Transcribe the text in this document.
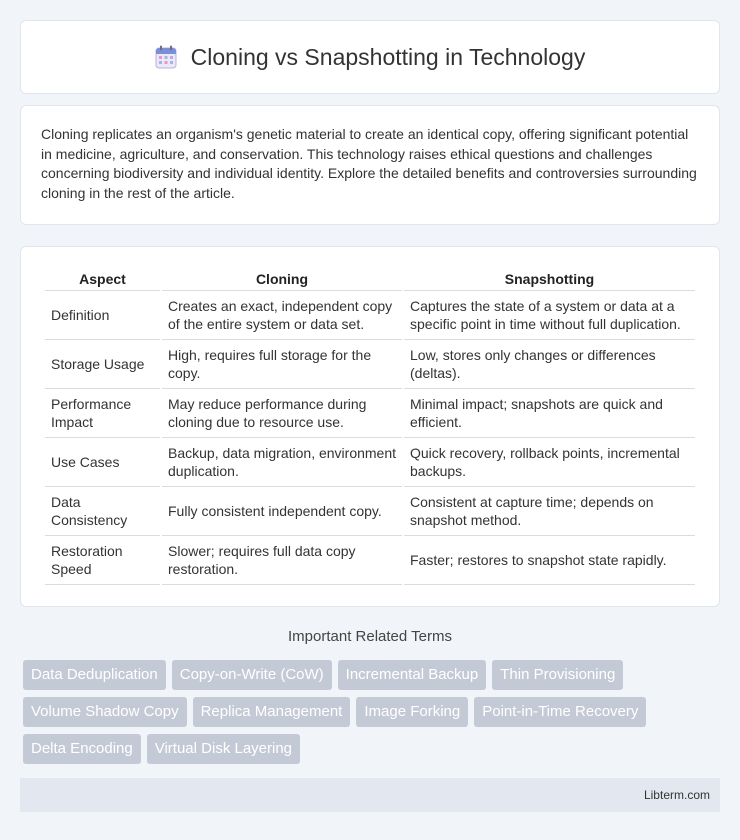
Cloning vs Snapshotting in Technology

Cloning replicates an organism's genetic material to create an identical copy, offering significant potential in medicine, agriculture, and conservation. This technology raises ethical questions and challenges concerning biodiversity and individual identity. Explore the detailed benefits and controversies surrounding cloning in the rest of the article.

Aspect	Cloning	Snapshotting
Definition	Creates an exact, independent copy of the entire system or data set.	Captures the state of a system or data at a specific point in time without full duplication.
Storage Usage	High, requires full storage for the copy.	Low, stores only changes or differences (deltas).
Performance Impact	May reduce performance during cloning due to resource use.	Minimal impact; snapshots are quick and efficient.
Use Cases	Backup, data migration, environment duplication.	Quick recovery, rollback points, incremental backups.
Data Consistency	Fully consistent independent copy.	Consistent at capture time; depends on snapshot method.
Restoration Speed	Slower; requires full data copy restoration.	Faster; restores to snapshot state rapidly.
Important Related Terms
Data Deduplication	Copy-on-Write (CoW)	Incremental Backup	Thin Provisioning
Volume Shadow Copy	Replica Management	Image Forking	Point-in-Time Recovery
Delta Encoding	Virtual Disk Layering
Libterm.com
